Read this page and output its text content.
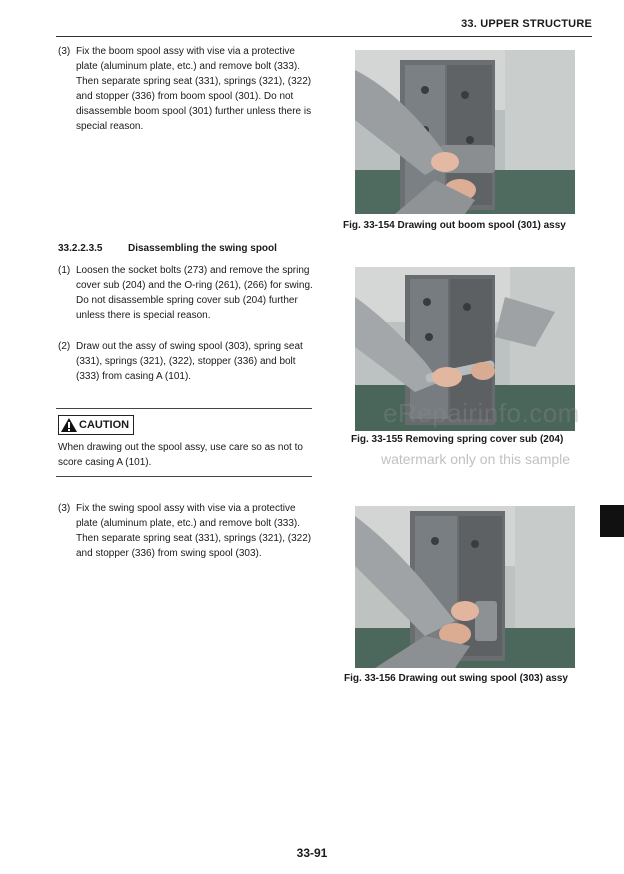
33. UPPER STRUCTURE
(3) Fix the boom spool assy with vise via a protective plate (aluminum plate, etc.) and remove bolt (333). Then separate spring seat (331), springs (321), (322) and stopper (336) from boom spool (301). Do not disassemble boom spool (301) further unless there is special reason.
33.2.2.3.5	Disassembling the swing spool
(1) Loosen the socket bolts (273) and remove the spring cover sub (204) and the O-ring (261), (266) for swing. Do not disassemble spring cover sub (204) further unless there is special reason.
(2) Draw out the assy of swing spool (303), spring seat (331), springs (321), (322), stopper (336) and bolt (333) from casing A (101).
CAUTION
When drawing out the spool assy, use care so as not to score casing A (101).
(3) Fix the swing spool assy with vise via a protective plate (aluminum plate, etc.) and remove bolt (333). Then separate spring seat (331), springs (321), (322) and stopper (336) from swing spool (303).
Fig. 33-154 Drawing out boom spool (301) assy
Fig. 33-155 Removing spring cover sub (204)
Fig. 33-156 Drawing out swing spool (303) assy
eRepairinfo.com
watermark only on this sample
33-91
